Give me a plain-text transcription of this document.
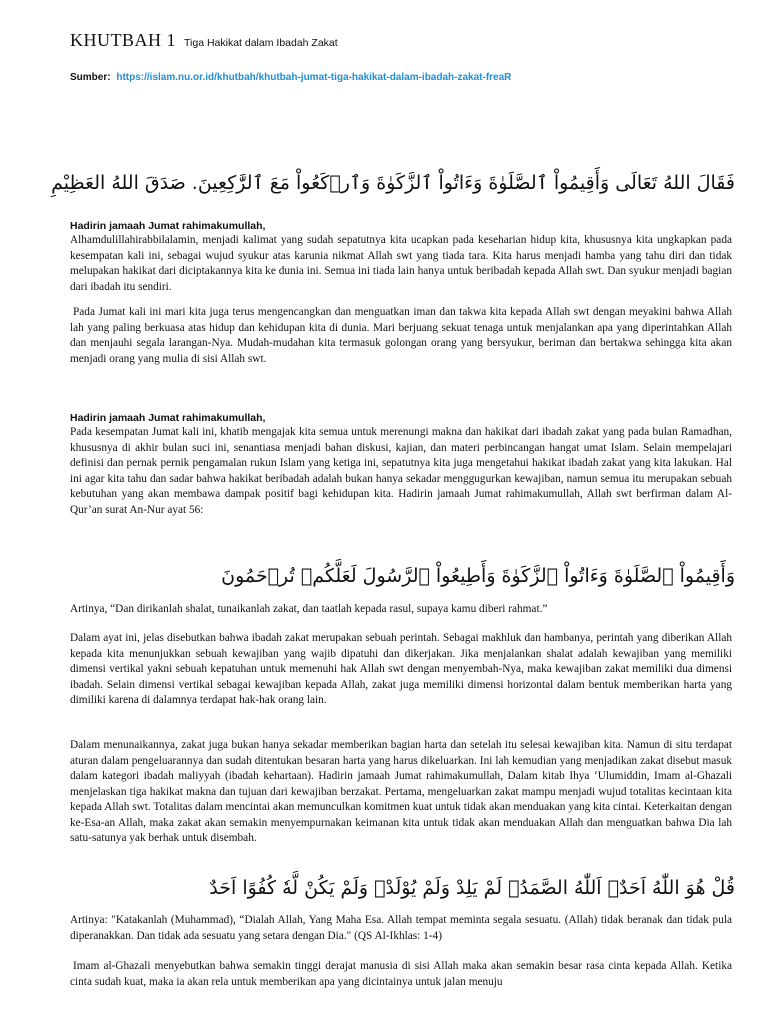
KHUTBAH 1 Tiga Hakikat dalam Ibadah Zakat
Sumber: https://islam.nu.or.id/khutbah/khutbah-jumat-tiga-hakikat-dalam-ibadah-zakat-freaR
فَقَالَ اللهُ تَعَالَى وَأَقِيمُواْ ٱلصَّلَوٰةَ وَءَاتُواْ ٱلزَّكَوٰةَ وَٱرۡكَعُواْ مَعَ ٱلرَّٰكِعِينَ. صَدَقَ اللهُ العَظِيْمِ
Hadirin jamaah Jumat rahimakumullah,

Alhamdulillahirabbilalamin, menjadi kalimat yang sudah sepatutnya kita ucapkan pada keseharian hidup kita, khususnya kita ungkapkan pada kesempatan kali ini, sebagai wujud syukur atas karunia nikmat Allah swt yang tiada tara. Kita harus menjadi hamba yang tahu diri dan tidak melupakan hakikat dari diciptakannya kita ke dunia ini. Semua ini tiada lain hanya untuk beribadah kepada Allah swt. Dan syukur menjadi bagian dari ibadah itu sendiri.

Pada Jumat kali ini mari kita juga terus mengencangkan dan menguatkan iman dan takwa kita kepada Allah swt dengan meyakini bahwa Allah lah yang paling berkuasa atas hidup dan kehidupan kita di dunia. Mari berjuang sekuat tenaga untuk menjalankan apa yang diperintahkan Allah dan menjauhi segala larangan-Nya. Mudah-mudahan kita termasuk golongan orang yang bersyukur, beriman dan bertakwa sehingga kita akan menjadi orang yang mulia di sisi Allah swt.

Hadirin jamaah Jumat rahimakumullah,

Pada kesempatan Jumat kali ini, khatib mengajak kita semua untuk merenungi makna dan hakikat dari ibadah zakat yang pada bulan Ramadhan, khususnya di akhir bulan suci ini, senantiasa menjadi bahan diskusi, kajian, dan materi perbincangan hangat umat Islam. Selain mempelajari definisi dan pernak pernik pengamalan rukun Islam yang ketiga ini, sepatutnya kita juga mengetahui hakikat ibadah zakat yang kita lakukan. Hal ini agar kita tahu dan sadar bahwa hakikat beribadah adalah bukan hanya sekadar menggugurkan kewajiban, namun semua itu merupakan sebuah kebutuhan yang akan membawa dampak positif bagi kehidupan kita. Hadirin jamaah Jumat rahimakumullah, Allah swt berfirman dalam Al-Qur’an surat An-Nur ayat 56:

وَأَقِيمُواْ ٱلصَّلَوٰةَ وَءَاتُواْ ٱلزَّكَوٰةَ وَأَطِيعُواْ ٱلرَّسُولَ لَعَلَّكُمۡ تُرۡحَمُونَ

Artinya, “Dan dirikanlah shalat, tunaikanlah zakat, dan taatlah kepada rasul, supaya kamu diberi rahmat.”

Dalam ayat ini, jelas disebutkan bahwa ibadah zakat merupakan sebuah perintah. Sebagai makhluk dan hambanya, perintah yang diberikan Allah kepada kita menunjukkan sebuah kewajiban yang wajib dipatuhi dan dikerjakan. Jika menjalankan shalat adalah kewajiban yang memiliki dimensi vertikal yakni sebuah kepatuhan untuk memenuhi hak Allah swt dengan menyembah-Nya, maka kewajiban zakat memiliki dua dimensi ibadah. Selain dimensi vertikal sebagai kewajiban kepada Allah, zakat juga memiliki dimensi horizontal dalam bentuk memberikan harta yang dimiliki karena di dalamnya terdapat hak-hak orang lain.

Dalam menunaikannya, zakat juga bukan hanya sekadar memberikan bagian harta dan setelah itu selesai kewajiban kita. Namun di situ terdapat aturan dalam pengeluarannya dan sudah ditentukan besaran harta yang harus dikeluarkan. Ini lah kemudian yang menjadikan zakat disebut masuk dalam kategori ibadah maliyyah (ibadah kehartaan). Hadirin jamaah Jumat rahimakumullah, Dalam kitab Ihya ‘Ulumiddin, Imam al-Ghazali menjelaskan tiga hakikat makna dan tujuan dari kewajiban berzakat. Pertama, mengeluarkan zakat mampu menjadi wujud totalitas kecintaan kita kepada Allah swt. Totalitas dalam mencintai akan memunculkan komitmen kuat untuk tidak akan menduakan yang kita cintai. Keterkaitan dengan ke-Esa-an Allah, maka zakat akan semakin menyempurnakan keimanan kita untuk tidak akan menduakan Allah dan menguatkan bahwa Dia lah satu-satunya yak berhak untuk disembah.

قُلْ هُوَ اللّٰهُ اَحَدٌۚ اَللّٰهُ الصَّمَدُۚ لَمْ يَلِدْ وَلَمْ يُوْلَدْۙ وَلَمْ يَكُنْ لَّهٗ كُفُوًا اَحَدٌ

Artinya: "Katakanlah (Muhammad), “Dialah Allah, Yang Maha Esa. Allah tempat meminta segala sesuatu. (Allah) tidak beranak dan tidak pula diperanakkan. Dan tidak ada sesuatu yang setara dengan Dia." (QS Al-Ikhlas: 1-4)

Imam al-Ghazali menyebutkan bahwa semakin tinggi derajat manusia di sisi Allah maka akan semakin besar rasa cinta kepada Allah. Ketika cinta sudah kuat, maka ia akan rela untuk memberikan apa yang dicintainya untuk jalan menuju
